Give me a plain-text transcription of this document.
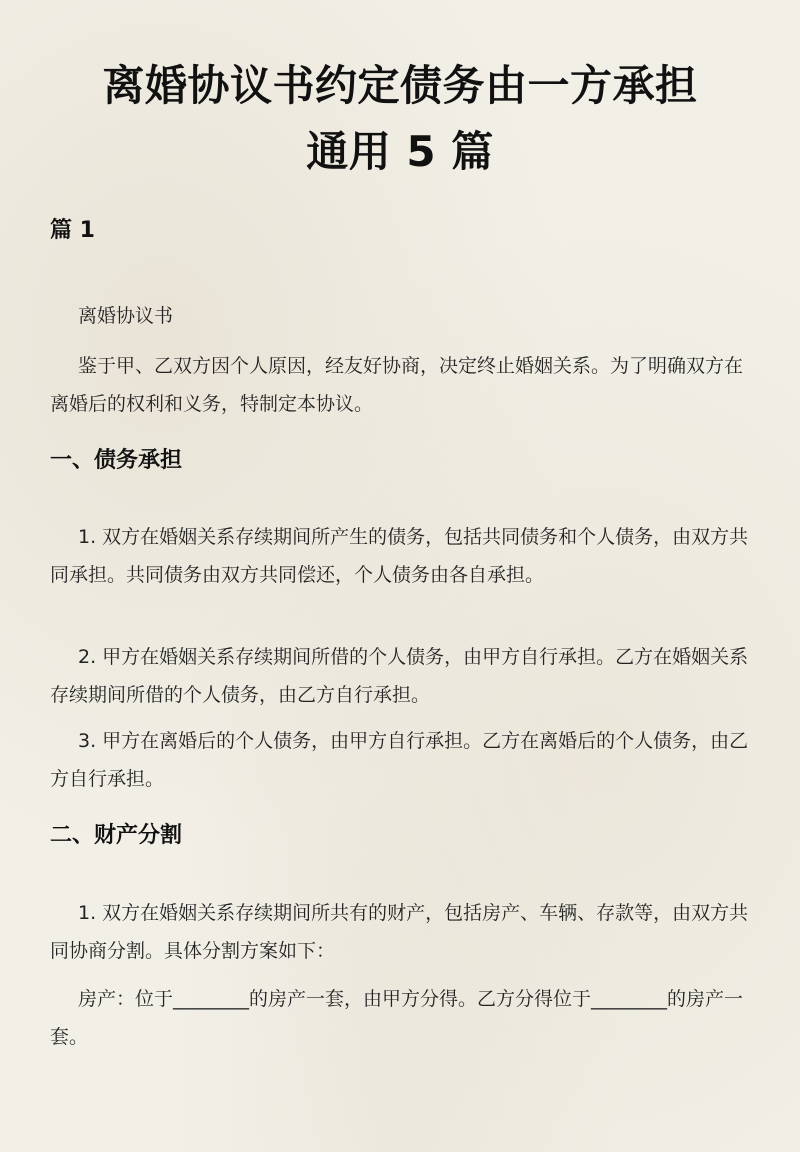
离婚协议书约定债务由一方承担
通用 5 篇
篇 1

离婚协议书

鉴于甲、乙双方因个人原因，经友好协商，决定终止婚姻关系。为了明确双方在离婚后的权利和义务，特制定本协议。

一、债务承担

1. 双方在婚姻关系存续期间所产生的债务，包括共同债务和个人债务，由双方共同承担。共同债务由双方共同偿还，个人债务由各自承担。

2. 甲方在婚姻关系存续期间所借的个人债务，由甲方自行承担。乙方在婚姻关系存续期间所借的个人债务，由乙方自行承担。

3. 甲方在离婚后的个人债务，由甲方自行承担。乙方在离婚后的个人债务，由乙方自行承担。

二、财产分割

1. 双方在婚姻关系存续期间所共有的财产，包括房产、车辆、存款等，由双方共同协商分割。具体分割方案如下：

房产：位于________的房产一套，由甲方分得。乙方分得位于________的房产一套。
